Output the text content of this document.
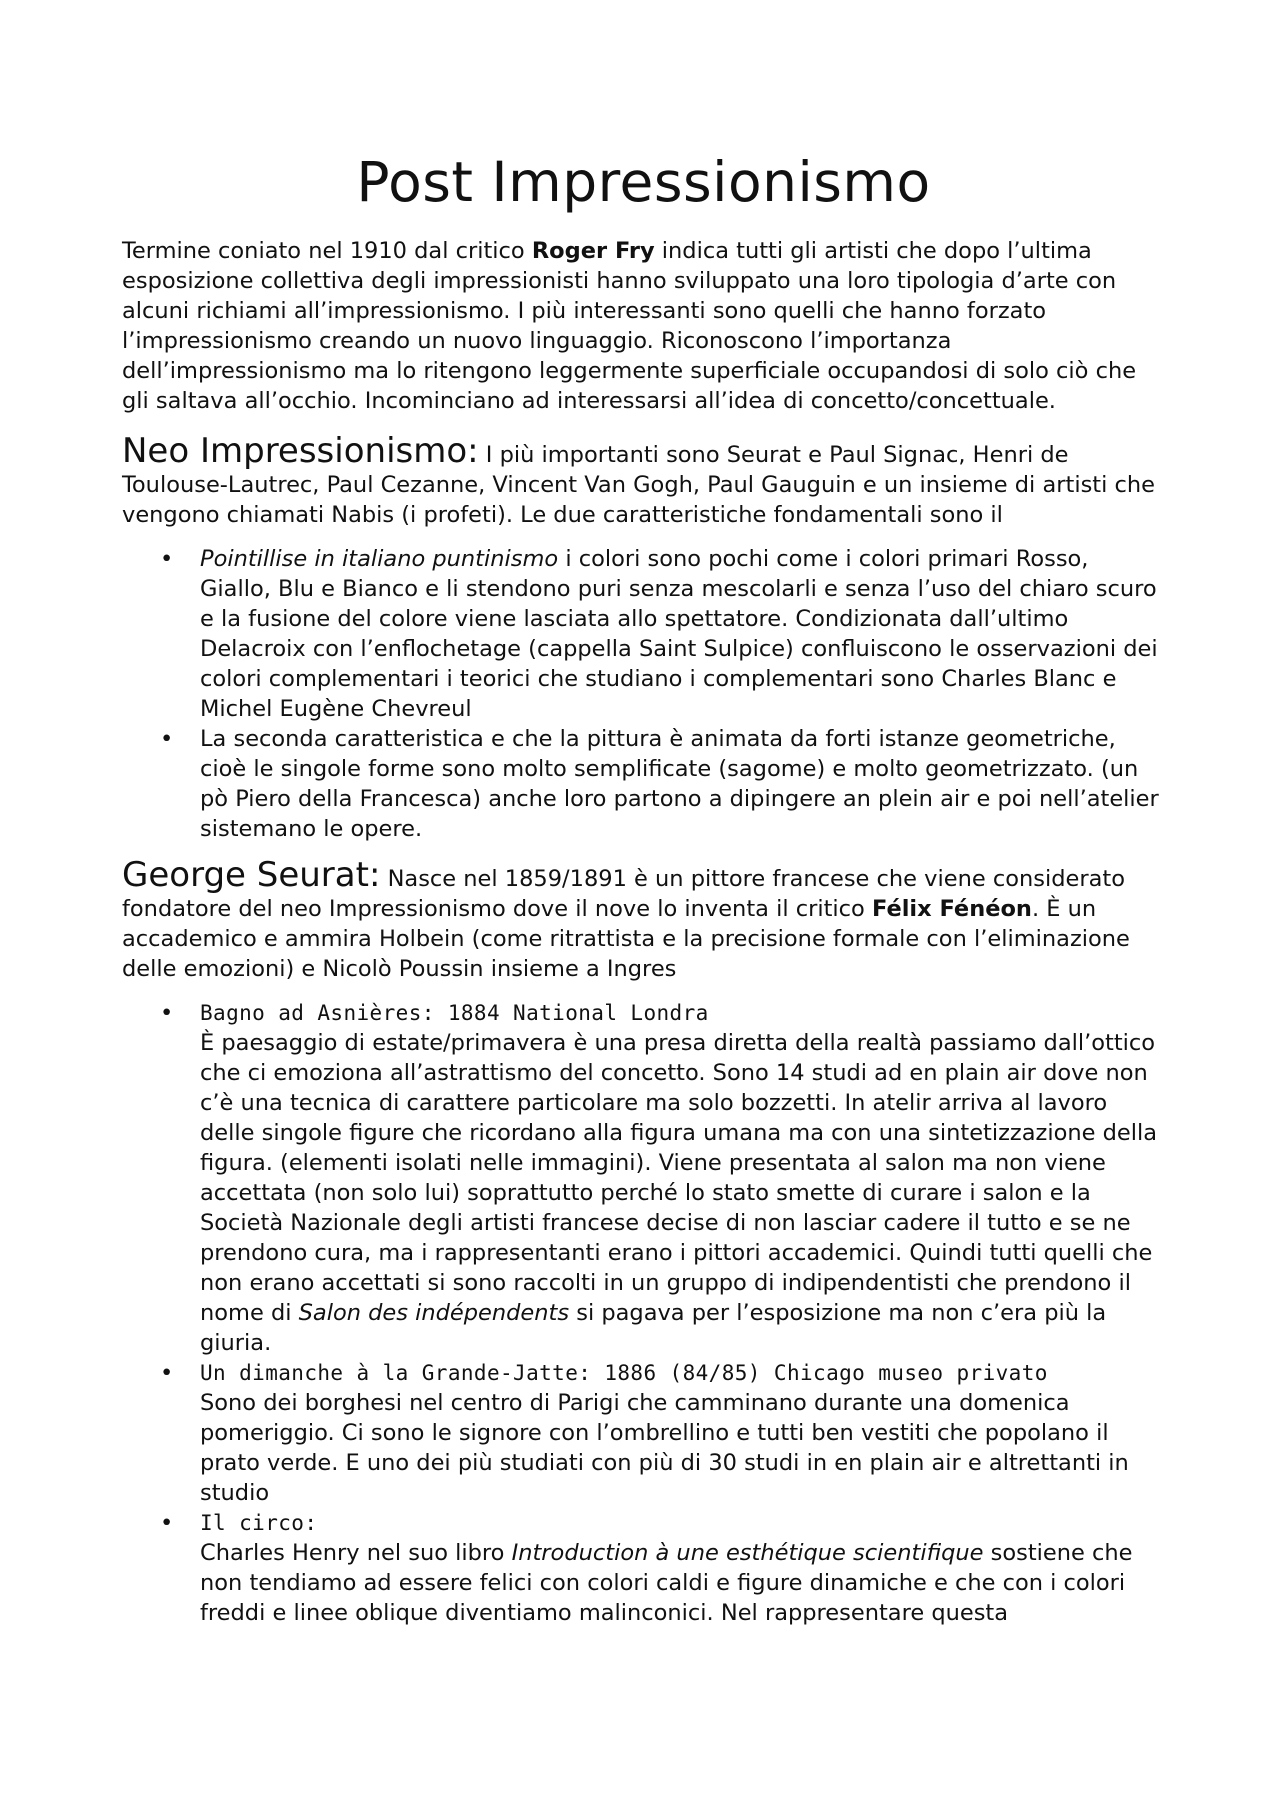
Post Impressionismo

Termine coniato nel 1910 dal critico Roger Fry indica tutti gli artisti che dopo l’ultima esposizione collettiva degli impressionisti hanno sviluppato una loro tipologia d’arte con alcuni richiami all’impressionismo. I più interessanti sono quelli che hanno forzato l’impressionismo creando un nuovo linguaggio. Riconoscono l’importanza dell’impressionismo ma lo ritengono leggermente superficiale occupandosi di solo ciò che gli saltava all’occhio. Incominciano ad interessarsi all’idea di concetto/concettuale.

Neo Impressionismo: I più importanti sono Seurat e Paul Signac, Henri de Toulouse-Lautrec, Paul Cezanne, Vincent Van Gogh, Paul Gauguin e un insieme di artisti che vengono chiamati Nabis (i profeti). Le due caratteristiche fondamentali sono il

• Pointillise in italiano puntinismo i colori sono pochi come i colori primari Rosso, Giallo, Blu e Bianco e li stendono puri senza mescolarli e senza l’uso del chiaro scuro e la fusione del colore viene lasciata allo spettatore. Condizionata dall’ultimo Delacroix con l’enflochetage (cappella Saint Sulpice) confluiscono le osservazioni dei colori complementari i teorici che studiano i complementari sono Charles Blanc e Michel Eugène Chevreul
• La seconda caratteristica e che la pittura è animata da forti istanze geometriche, cioè le singole forme sono molto semplificate (sagome) e molto geometrizzato. (un pò Piero della Francesca) anche loro partono a dipingere an plein air e poi nell’atelier sistemano le opere.

George Seurat: Nasce nel 1859/1891 è un pittore francese che viene considerato fondatore del neo Impressionismo dove il nove lo inventa il critico Félix Fénéon. È un accademico e ammira Holbein (come ritrattista e la precisione formale con l’eliminazione delle emozioni) e Nicolò Poussin insieme a Ingres

• Bagno ad Asnières: 1884 National Londra
È paesaggio di estate/primavera è una presa diretta della realtà passiamo dall’ottico che ci emoziona all’astrattismo del concetto. Sono 14 studi ad en plain air dove non c’è una tecnica di carattere particolare ma solo bozzetti. In atelir arriva al lavoro delle singole figure che ricordano alla figura umana ma con una sintetizzazione della figura. (elementi isolati nelle immagini). Viene presentata al salon ma non viene accettata (non solo lui) soprattutto perché lo stato smette di curare i salon e la Società Nazionale degli artisti francese decise di non lasciar cadere il tutto e se ne prendono cura, ma i rappresentanti erano i pittori accademici. Quindi tutti quelli che non erano accettati si sono raccolti in un gruppo di indipendentisti che prendono il nome di Salon des indépendents si pagava per l’esposizione ma non c’era più la giuria.
• Un dimanche à la Grande-Jatte: 1886 (84/85) Chicago museo privato
Sono dei borghesi nel centro di Parigi che camminano durante una domenica pomeriggio. Ci sono le signore con l’ombrellino e tutti ben vestiti che popolano il prato verde. E uno dei più studiati con più di 30 studi in en plain air e altrettanti in studio
• Il circo:
Charles Henry nel suo libro Introduction à une esthétique scientifique sostiene che non tendiamo ad essere felici con colori caldi e figure dinamiche e che con i colori freddi e linee oblique diventiamo malinconici. Nel rappresentare questa
